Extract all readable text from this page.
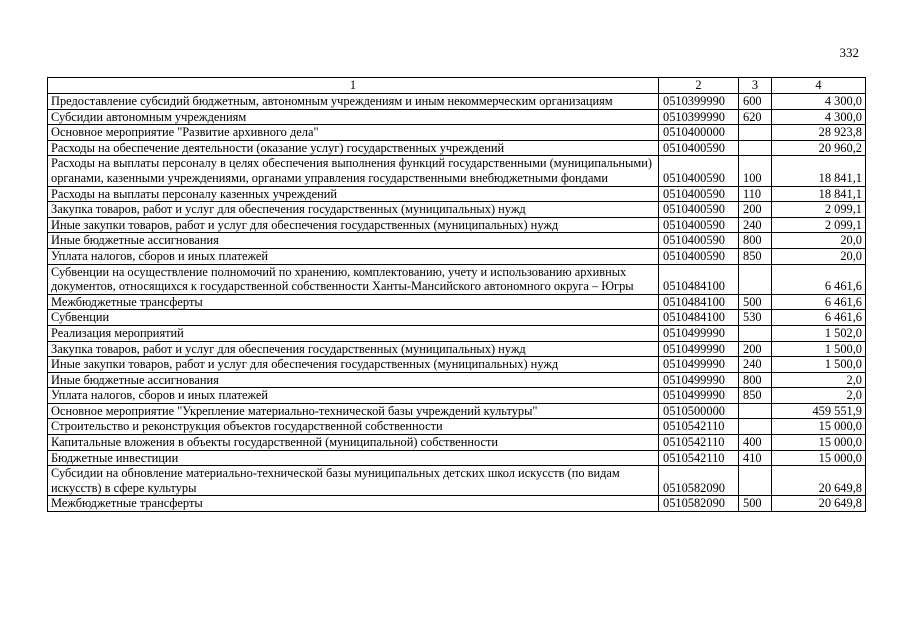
332
1	2	3	4
Предоставление субсидий бюджетным, автономным учреждениям и иным некоммерческим организациям	0510399990	600	4 300,0
Субсидии автономным учреждениям	0510399990	620	4 300,0
Основное мероприятие "Развитие архивного дела"	0510400000		28 923,8
Расходы на обеспечение деятельности (оказание услуг) государственных учреждений	0510400590		20 960,2
Расходы на выплаты персоналу в целях обеспечения выполнения функций государственными (муниципальными) органами, казенными учреждениями, органами управления государственными внебюджетными фондами	0510400590	100	18 841,1
Расходы на выплаты персоналу казенных учреждений	0510400590	110	18 841,1
Закупка товаров, работ и услуг для обеспечения государственных (муниципальных) нужд	0510400590	200	2 099,1
Иные закупки товаров, работ и услуг для обеспечения государственных (муниципальных) нужд	0510400590	240	2 099,1
Иные бюджетные ассигнования	0510400590	800	20,0
Уплата налогов, сборов и иных платежей	0510400590	850	20,0
Субвенции на осуществление полномочий по хранению, комплектованию, учету и использованию архивных документов, относящихся к государственной собственности Ханты-Мансийского автономного округа – Югры	0510484100		6 461,6
Межбюджетные трансферты	0510484100	500	6 461,6
Субвенции	0510484100	530	6 461,6
Реализация мероприятий	0510499990		1 502,0
Закупка товаров, работ и услуг для обеспечения государственных (муниципальных) нужд	0510499990	200	1 500,0
Иные закупки товаров, работ и услуг для обеспечения государственных (муниципальных) нужд	0510499990	240	1 500,0
Иные бюджетные ассигнования	0510499990	800	2,0
Уплата налогов, сборов и иных платежей	0510499990	850	2,0
Основное мероприятие "Укрепление материально-технической базы учреждений культуры"	0510500000		459 551,9
Строительство и реконструкция объектов государственной собственности	0510542110		15 000,0
Капитальные вложения в объекты государственной (муниципальной) собственности	0510542110	400	15 000,0
Бюджетные инвестиции	0510542110	410	15 000,0
Субсидии на обновление материально-технической базы муниципальных детских школ искусств (по видам искусств) в сфере культуры	0510582090		20 649,8
Межбюджетные трансферты	0510582090	500	20 649,8
